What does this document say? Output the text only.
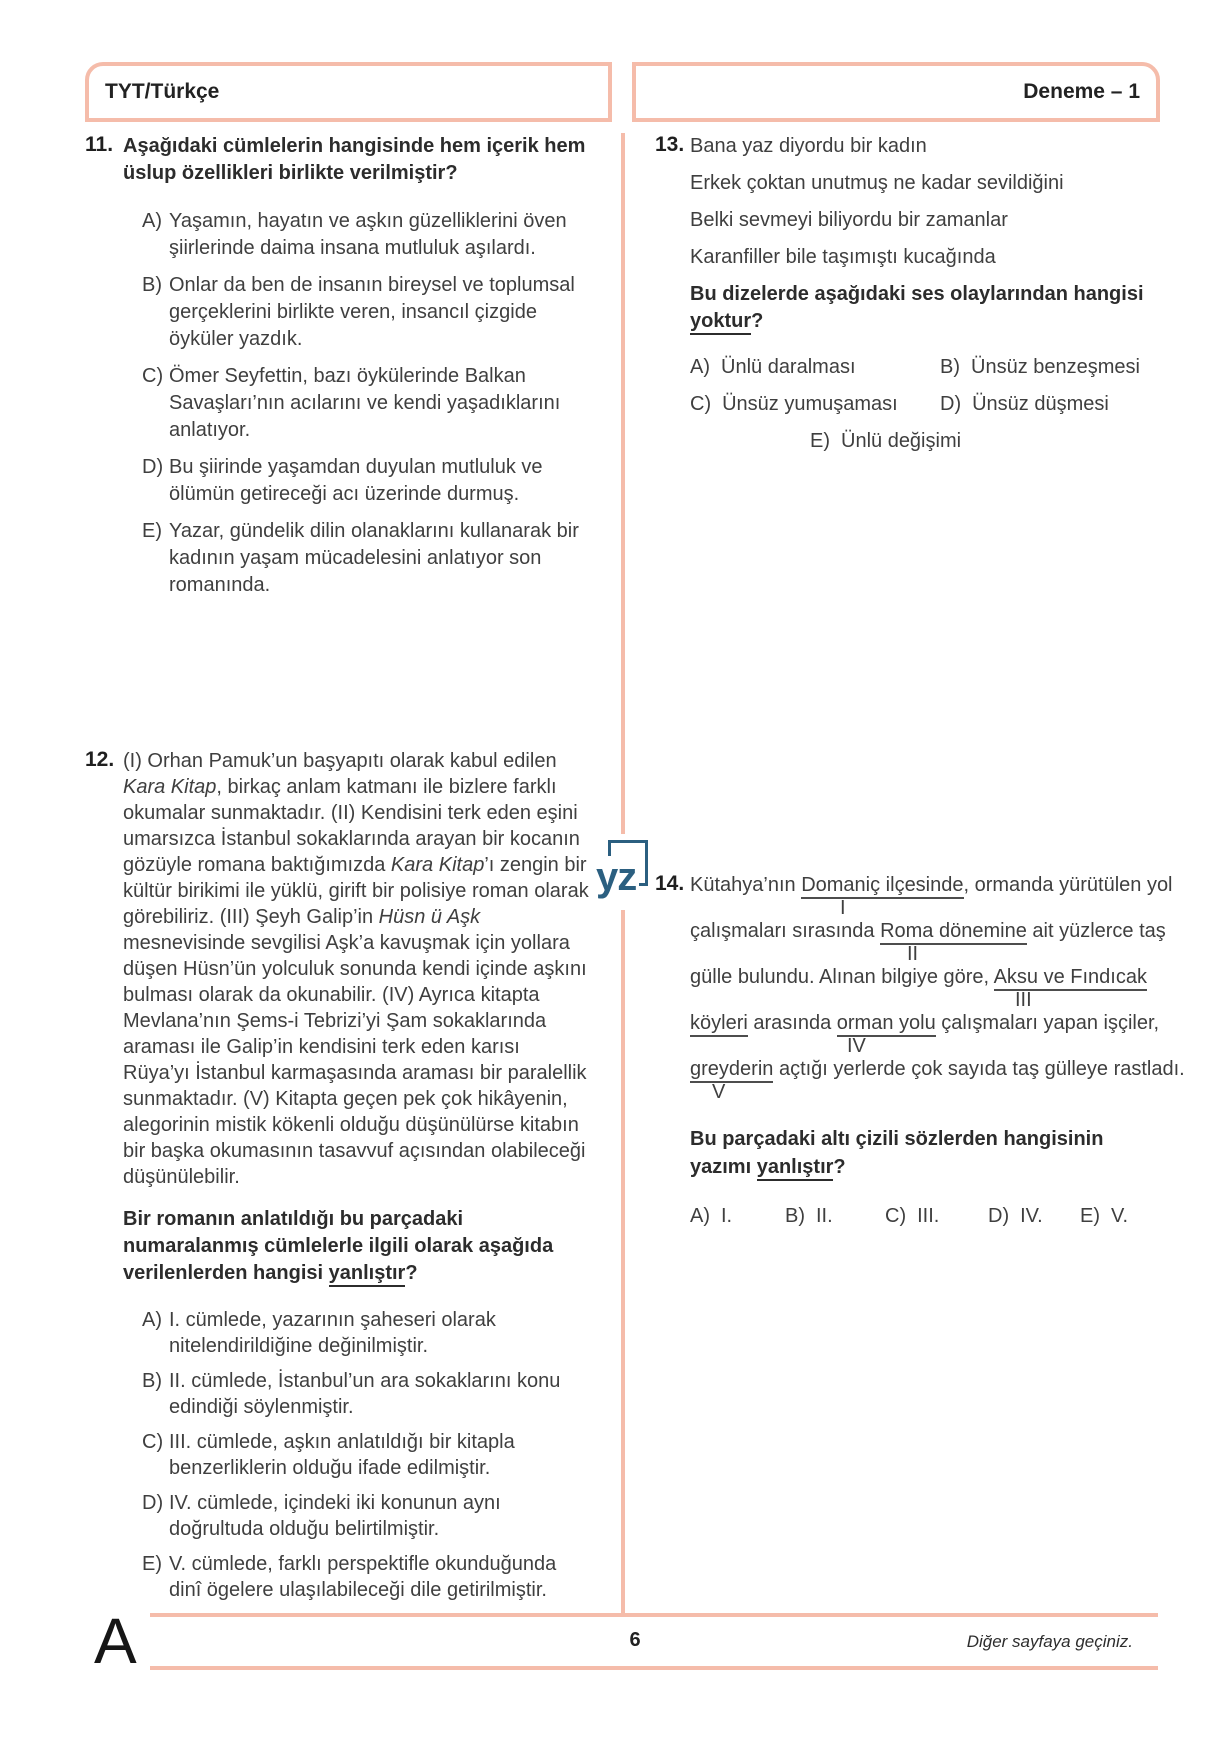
TYT/Türkçe	Deneme – 1
yz
11. Aşağıdaki cümlelerin hangisinde hem içerik hem üslup özellikleri birlikte verilmiştir?
A) Yaşamın, hayatın ve aşkın güzelliklerini öven şiirlerinde daima insana mutluluk aşılardı.
B) Onlar da ben de insanın bireysel ve toplumsal gerçeklerini birlikte veren, insancıl çizgide öyküler yazdık.
C) Ömer Seyfettin, bazı öykülerinde Balkan Savaşları’nın acılarını ve kendi yaşadıklarını anlatıyor.
D) Bu şiirinde yaşamdan duyulan mutluluk ve ölümün getireceği acı üzerinde durmuş.
E) Yazar, gündelik dilin olanaklarını kullanarak bir kadının yaşam mücadelesini anlatıyor son romanında.
12. (I) Orhan Pamuk’un başyapıtı olarak kabul edilen Kara Kitap, birkaç anlam katmanı ile bizlere farklı okumalar sunmaktadır. (II) Kendisini terk eden eşini umarsızca İstanbul sokaklarında arayan bir kocanın gözüyle romana baktığımızda Kara Kitap’ı zengin bir kültür birikimi ile yüklü, girift bir polisiye roman olarak görebiliriz. (III) Şeyh Galip’in Hüsn ü Aşk mesnevisinde sevgilisi Aşk’a kavuşmak için yollara düşen Hüsn’ün yolculuk sonunda kendi içinde aşkını bulması olarak da okunabilir. (IV) Ayrıca kitapta Mevlana’nın Şems-i Tebrizi’yi Şam sokaklarında araması ile Galip’in kendisini terk eden karısı Rüya’yı İstanbul karmaşasında araması bir paralellik sunmaktadır. (V) Kitapta geçen pek çok hikâyenin, alegorinin mistik kökenli olduğu düşünülürse kitabın bir başka okumasının tasavvuf açısından olabileceği düşünülebilir.
Bir romanın anlatıldığı bu parçadaki numaralanmış cümlelerle ilgili olarak aşağıda verilenlerden hangisi yanlıştır?
A) I. cümlede, yazarının şaheseri olarak nitelendirildiğine değinilmiştir.
B) II. cümlede, İstanbul’un ara sokaklarını konu edindiği söylenmiştir.
C) III. cümlede, aşkın anlatıldığı bir kitapla benzerliklerin olduğu ifade edilmiştir.
D) IV. cümlede, içindeki iki konunun aynı doğrultuda olduğu belirtilmiştir.
E) V. cümlede, farklı perspektifle okunduğunda dinî ögelere ulaşılabileceği dile getirilmiştir.
13. Bana yaz diyordu bir kadın
Erkek çoktan unutmuş ne kadar sevildiğini
Belki sevmeyi biliyordu bir zamanlar
Karanfiller bile taşımıştı kucağında
Bu dizelerde aşağıdaki ses olaylarından hangisi yoktur?
A) Ünlü daralması	B) Ünsüz benzeşmesi
C) Ünsüz yumuşaması D) Ünsüz düşmesi
E) Ünlü değişimi
14. Kütahya’nın Domaniç ilçesinde, ormanda yürütülen yol
I
çalışmaları sırasında Roma dönemine ait yüzlerce taş
II
gülle bulundu. Alınan bilgiye göre, Aksu ve Fındıcak
III
köyleri arasında orman yolu çalışmaları yapan işçiler,
IV
greyderin açtığı yerlerde çok sayıda taş gülleye rastladı.
V
Bu parçadaki altı çizili sözlerden hangisinin yazımı yanlıştır?
A) I.	B) II.	C) III. D) IV. E) V.
A	6	Diğer sayfaya geçiniz.
